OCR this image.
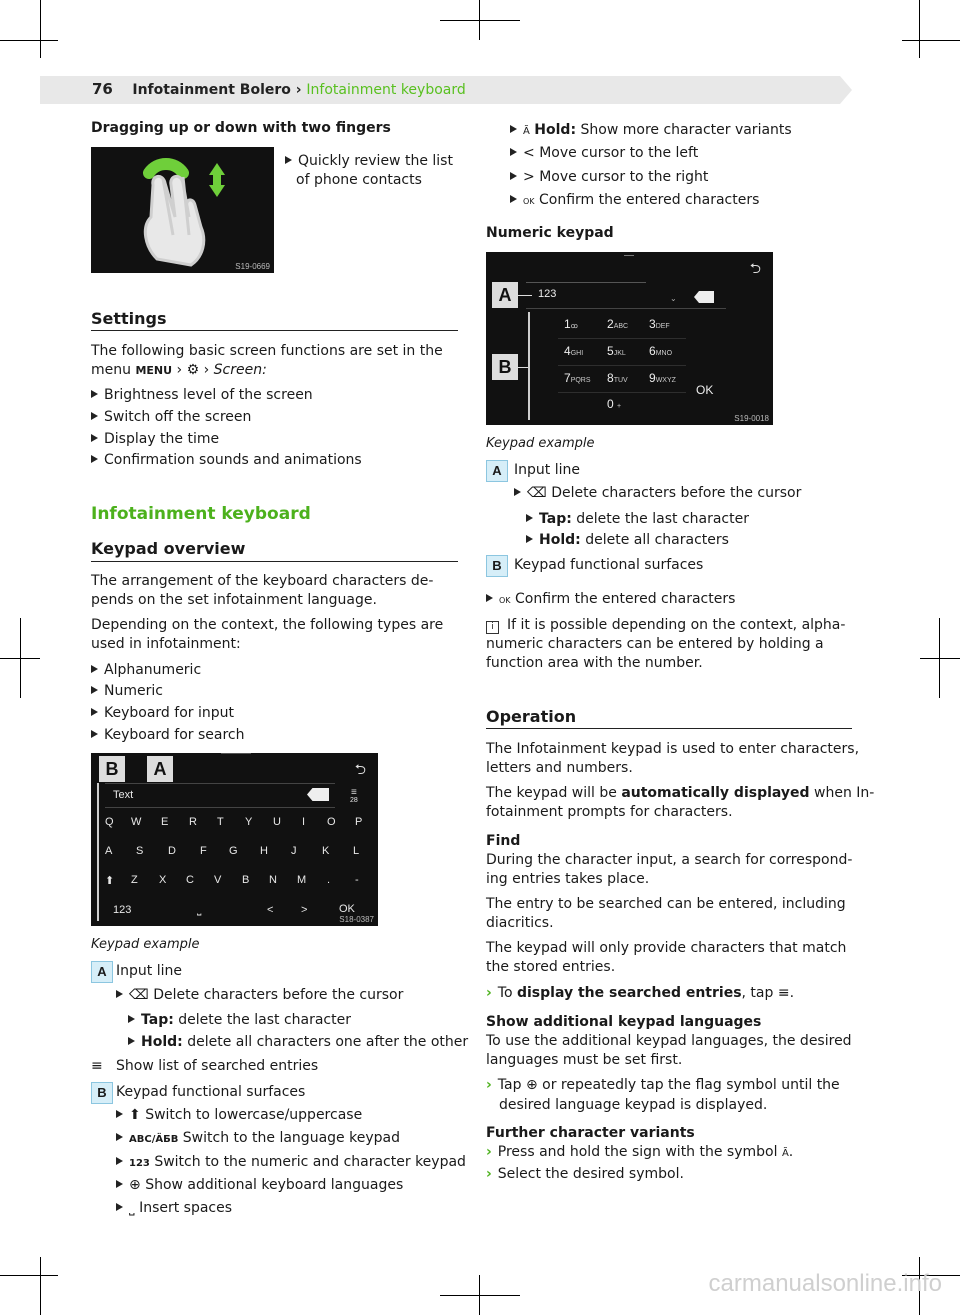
76 Infotainment Bolero › Infotainment keyboard
Dragging up or down with two fingers
S19-0669
Quickly review the list
of phone contacts
Settings
The following basic screen functions are set in the
menu MENU › ⚙ › Screen:
Brightness level of the screen
Switch off the screen
Display the time
Confirmation sounds and animations
Infotainment keyboard
Keypad overview
The arrangement of the keyboard characters de-
pends on the set infotainment language.
Depending on the context, the following types are
used in infotainment:
Alphanumeric
Numeric
Keyboard for input
Keyboard for search
⮌
Text	≡
28
Q W E R T Y U I O P
A S D F G H J K L
⬆ Z X C V B N M . -
123	⎵	<	>	OK
B	A
S18-0387
Keypad example
A Input line
⌫ Delete characters before the cursor
Tap: delete the last character
Hold: delete all characters one after the other
≡ Show list of searched entries
B Keypad functional surfaces
⬆ Switch to lowercase/uppercase
ABC/ÄБВ Switch to the language keypad
123 Switch to the numeric and character keypad
⊕ Show additional keyboard languages
⎵ Insert spaces
Ã Hold: Show more character variants
< Move cursor to the left
> Move cursor to the right
OK Confirm the entered characters
Numeric keypad
⮌
123	⌄
1ꝏ 2ABC 3DEF
4GHI 5JKL 6MNO
7PQRS 8TUV 9WXYZ
0 +
OK
A
B
S19-0018
Keypad example
A Input line
⌫ Delete characters before the cursor
Tap: delete the last character
Hold: delete all characters
B Keypad functional surfaces
OK Confirm the entered characters
i If it is possible depending on the context, alpha-
numeric characters can be entered by holding a
function area with the number.
Operation
The Infotainment keypad is used to enter characters,
letters and numbers.
The keypad will be automatically displayed when In-
fotainment prompts for characters.
Find
During the character input, a search for correspond-
ing entries takes place.
The entry to be searched can be entered, including
diacritics.
The keypad will only provide characters that match
the stored entries.
› To display the searched entries, tap ≡.
Show additional keypad languages
To use the additional keypad languages, the desired
languages must be set first.
› Tap ⊕ or repeatedly tap the flag symbol until the
desired language keypad is displayed.
Further character variants
› Press and hold the sign with the symbol Ã.
› Select the desired symbol.
carmanualsonline.info
